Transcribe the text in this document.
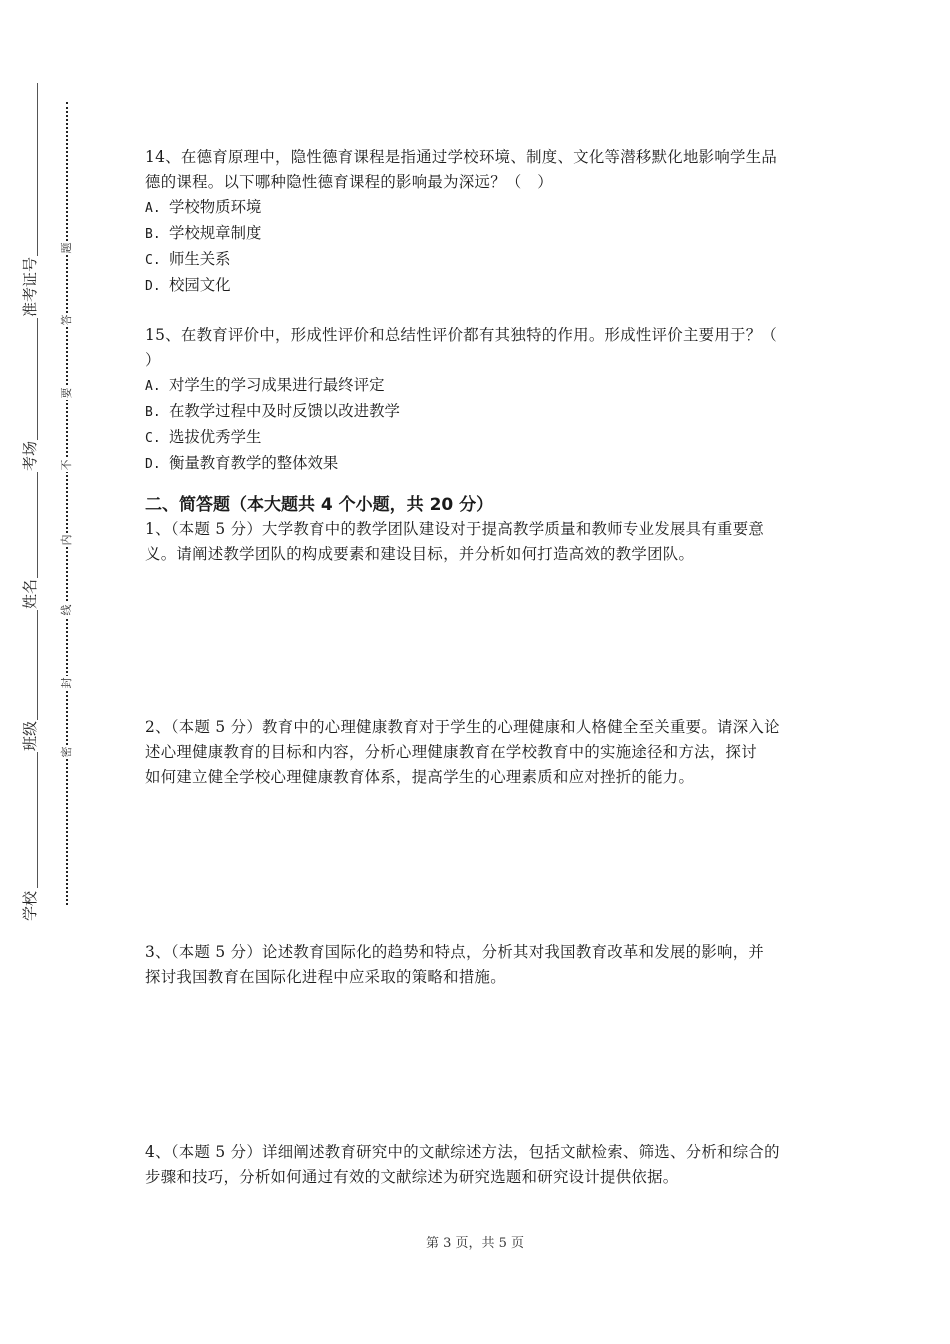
准考证号
考场
姓名
班级
学校
题
答
要
不
内
线
封
密

14、在德育原理中，隐性德育课程是指通过学校环境、制度、文化等潜移默化地影响学生品

德的课程。以下哪种隐性德育课程的影响最为深远？（　）

A. 学校物质环境

B. 学校规章制度

C. 师生关系

D. 校园文化

15、在教育评价中，形成性评价和总结性评价都有其独特的作用。形成性评价主要用于？（

）

A. 对学生的学习成果进行最终评定

B. 在教学过程中及时反馈以改进教学

C. 选拔优秀学生

D. 衡量教育教学的整体效果

二、简答题（本大题共 4 个小题，共 20 分）

1、（本题 5 分）大学教育中的教学团队建设对于提高教学质量和教师专业发展具有重要意

义。请阐述教学团队的构成要素和建设目标，并分析如何打造高效的教学团队。

2、（本题 5 分）教育中的心理健康教育对于学生的心理健康和人格健全至关重要。请深入论

述心理健康教育的目标和内容，分析心理健康教育在学校教育中的实施途径和方法，探讨

如何建立健全学校心理健康教育体系，提高学生的心理素质和应对挫折的能力。

3、（本题 5 分）论述教育国际化的趋势和特点，分析其对我国教育改革和发展的影响，并

探讨我国教育在国际化进程中应采取的策略和措施。

4、（本题 5 分）详细阐述教育研究中的文献综述方法，包括文献检索、筛选、分析和综合的

步骤和技巧，分析如何通过有效的文献综述为研究选题和研究设计提供依据。

第 3 页，共 5 页
